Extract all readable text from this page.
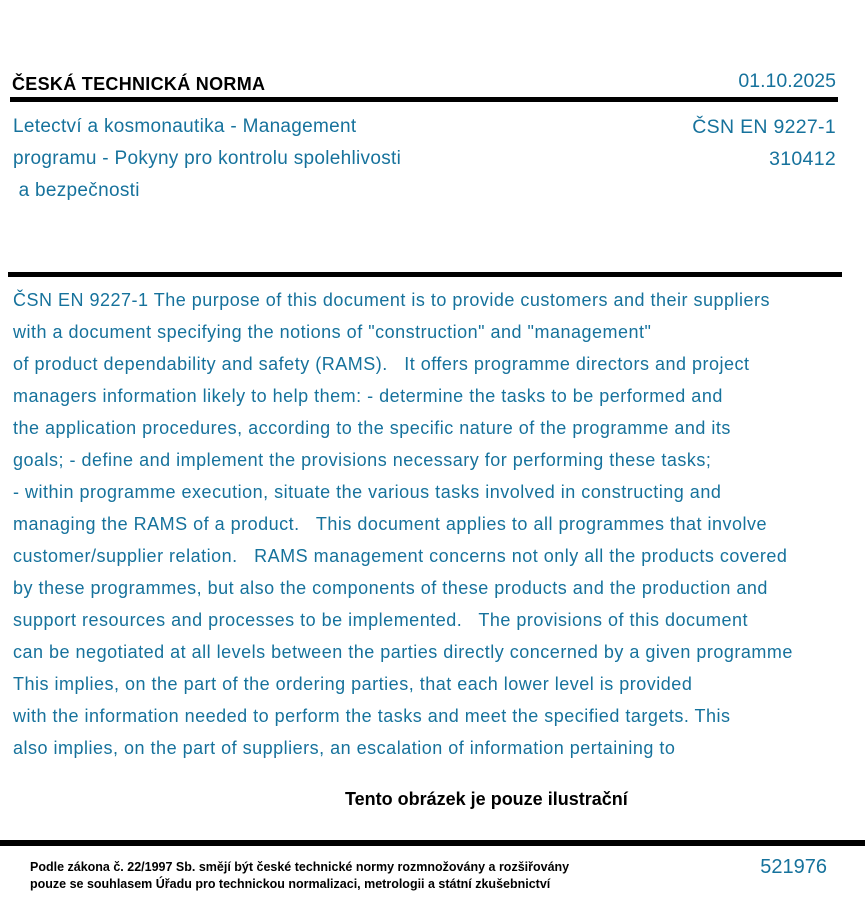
ČESKÁ TECHNICKÁ NORMA	01.10.2025
Letectví a kosmonautika - Management
programu - Pokyny pro kontrolu spolehlivosti
a bezpečnosti
ČSN EN 9227-1
310412
ČSN EN 9227-1 The purpose of this document is to provide customers and their suppliers
with a document specifying the notions of "construction" and "management"
of product dependability and safety (RAMS).   It offers programme directors and project
managers information likely to help them: - determine the tasks to be performed and
the application procedures, according to the specific nature of the programme and its
goals; - define and implement the provisions necessary for performing these tasks;
- within programme execution, situate the various tasks involved in constructing and
managing the RAMS of a product.   This document applies to all programmes that involve
customer/supplier relation.   RAMS management concerns not only all the products covered
by these programmes, but also the components of these products and the production and
support resources and processes to be implemented.   The provisions of this document
can be negotiated at all levels between the parties directly concerned by a given programme
This implies, on the part of the ordering parties, that each lower level is provided
with the information needed to perform the tasks and meet the specified targets. This
also implies, on the part of suppliers, an escalation of information pertaining to
Tento obrázek je pouze ilustrační
Podle zákona č. 22/1997 Sb. smějí být české technické normy rozmnožovány a rozšiřovány
pouze se souhlasem Úřadu pro technickou normalizaci, metrologii a státní zkušebnictví
521976
